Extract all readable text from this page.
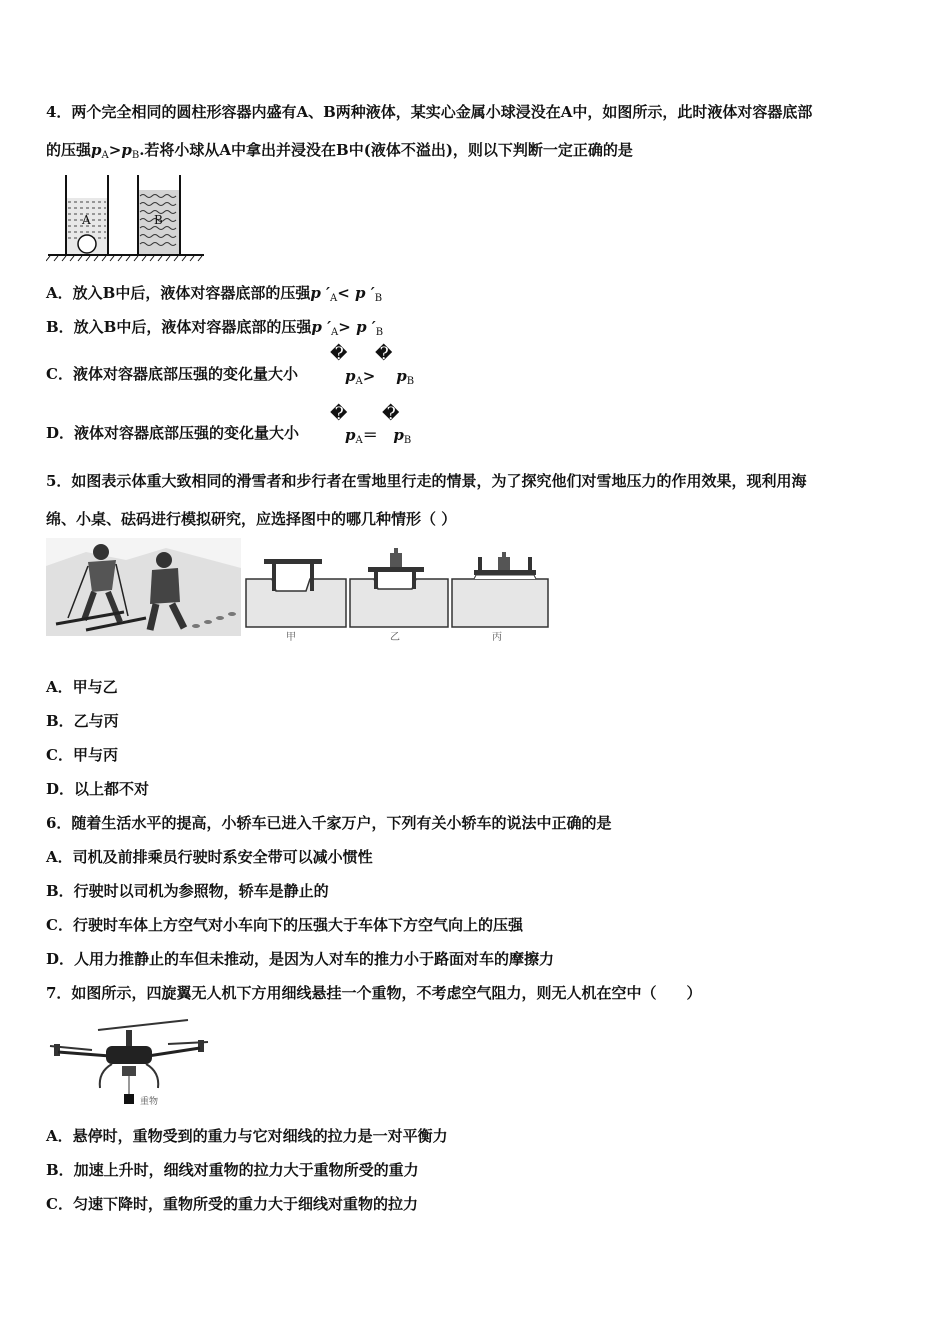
4．两个完全相同的圆柱形容器内盛有A、B两种液体，某实心金属小球浸没在A中，如图所示，此时液体对容器底部
的压强$p_A>p_B$.若将小球从A中拿出并浸没在B中(液体不溢出)，则以下判断一定正确的是
A	B
A．放入B中后，液体对容器底部的压强p $'_A< p$ $'_B$
B．放入B中后，液体对容器底部的压强p $'_A> p$ $'_B$
C．液体对容器底部压强的变化量大小
� �
$p_A> p_B$
D．液体对容器底部压强的变化量大小
� �
$p_A= p_B$
5．如图表示体重大致相同的滑雪者和步行者在雪地里行走的情景，为了探究他们对雪地压力的作用效果，现利用海
绵、小桌、砝码进行模拟研究，应选择图中的哪几种情形（ ）
甲	乙	丙
A．甲与乙
B．乙与丙
C．甲与丙
D．以上都不对
6．随着生活水平的提高，小轿车已进入千家万户，下列有关小轿车的说法中正确的是
A．司机及前排乘员行驶时系安全带可以减小惯性
B．行驶时以司机为参照物，轿车是静止的
C．行驶时车体上方空气对小车向下的压强大于车体下方空气向上的压强
D．人用力推静止的车但未推动，是因为人对车的推力小于路面对车的摩擦力
7．如图所示，四旋翼无人机下方用细线悬挂一个重物，不考虑空气阻力，则无人机在空中（　　）
重物
A．悬停时，重物受到的重力与它对细线的拉力是一对平衡力
B．加速上升时，细线对重物的拉力大于重物所受的重力
C．匀速下降时，重物所受的重力大于细线对重物的拉力
